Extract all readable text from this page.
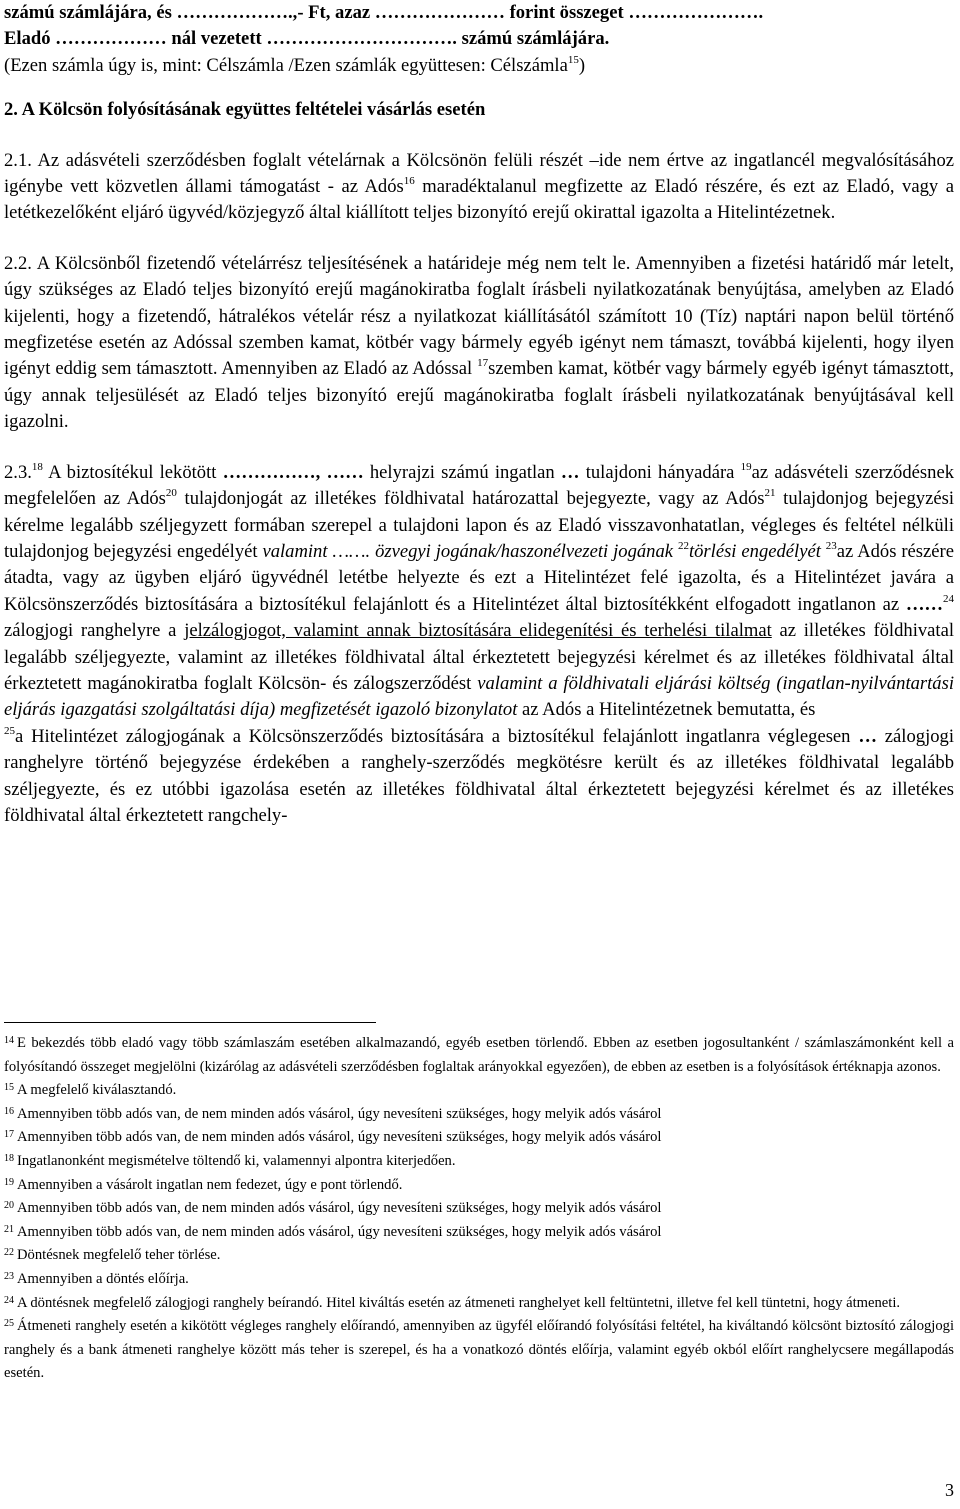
számú számlájára, és ……………….,- Ft, azaz ………………… forint összeget ………………….

Eladó ……………… nál vezetett …………………………. számú számlájára.

(Ezen számla úgy is, mint: Célszámla /Ezen számlák együttesen: Célszámla$^{15}$)

2. A Kölcsön folyósításának együttes feltételei vásárlás esetén

2.1. Az adásvételi szerződésben foglalt vételárnak a Kölcsönön felüli részét –ide nem értve az ingatlancél megvalósításához igénybe vett közvetlen állami támogatást - az Adós$^{16}$ maradéktalanul megfizette az Eladó részére, és ezt az Eladó, vagy a letétkezelőként eljáró ügyvéd/közjegyző által kiállított teljes bizonyító erejű okirattal igazolta a Hitelintézetnek.

2.2. A Kölcsönből fizetendő vételárrész teljesítésének a határideje még nem telt le. Amennyiben a fizetési határidő már letelt, úgy szükséges az Eladó teljes bizonyító erejű magánokiratba foglalt írásbeli nyilatkozatának benyújtása, amelyben az Eladó kijelenti, hogy a fizetendő, hátralékos vételár rész a nyilatkozat kiállításától számított 10 (Tíz) naptári napon belül történő megfizetése esetén az Adóssal szemben kamat, kötbér vagy bármely egyéb igényt nem támaszt, továbbá kijelenti, hogy ilyen igényt eddig sem támasztott. Amennyiben az Eladó az Adóssal $^{17}$szemben kamat, kötbér vagy bármely egyéb igényt támasztott, úgy annak teljesülését az Eladó teljes bizonyító erejű magánokiratba foglalt írásbeli nyilatkozatának benyújtásával kell igazolni.

2.3.18 A biztosítékul lekötött ……………, …… helyrajzi számú ingatlan … tulajdoni hányadára $^{19}$az adásvételi szerződésnek megfelelően az Adós$^{20}$ tulajdonjogát az illetékes földhivatal határozattal bejegyezte, vagy az Adós$^{21}$ tulajdonjog bejegyzési kérelme legalább széljegyzett formában szerepel a tulajdoni lapon és az Eladó visszavonhatatlan, végleges és feltétel nélküli tulajdonjog bejegyzési engedélyét valamint ……. özvegyi jogának/haszonélvezeti jogának $^{22}$törlési engedélyét $^{23}$az Adós részére átadta, vagy az ügyben eljáró ügyvédnél letétbe helyezte és ezt a Hitelintézet felé igazolta, és a Hitelintézet javára a Kölcsönszerződés biztosítására a biztosítékul felajánlott és a Hitelintézet által biztosítékként elfogadott ingatlanon az ……$^{24}$ zálogjogi ranghelyre a jelzálogjogot, valamint annak biztosítására elidegenítési és terhelési tilalmat az illetékes földhivatal legalább széljegyezte, valamint az illetékes földhivatal által érkeztetett bejegyzési kérelmet és az illetékes földhivatal által érkeztetett magánokiratba foglalt Kölcsön- és zálogszerződést valamint a földhivatali eljárási költség (ingatlan-nyilvántartási eljárás igazgatási szolgáltatási díja) megfizetését igazoló bizonylatot az Adós a Hitelintézetnek bemutatta, és
$^{25}$a Hitelintézet zálogjogának a Kölcsönszerződés biztosítására a biztosítékul felajánlott ingatlanra véglegesen … zálogjogi ranghelyre történő bejegyzése érdekében a ranghely-szerződés megkötésre került és az illetékes földhivatal legalább széljegyezte, és ez utóbbi igazolása esetén az illetékes földhivatal által érkeztetett bejegyzési kérelmet és az illetékes földhivatal által érkeztetett rangchely-

$^{14}$ E bekezdés több eladó vagy több számlaszám esetében alkalmazandó, egyéb esetben törlendő. Ebben az esetben jogosultanként / számlaszámonként kell a folyósítandó összeget megjelölni (kizárólag az adásvételi szerződésben foglaltak arányokkal egyezően), de ebben az esetben is a folyósítások értéknapja azonos.

$^{15}$ A megfelelő kiválasztandó.

$^{16}$ Amennyiben több adós van, de nem minden adós vásárol, úgy nevesíteni szükséges, hogy melyik adós vásárol

$^{17}$ Amennyiben több adós van, de nem minden adós vásárol, úgy nevesíteni szükséges, hogy melyik adós vásárol

$^{18}$ Ingatlanonként megismételve töltendő ki, valamennyi alpontra kiterjedően.

$^{19}$ Amennyiben a vásárolt ingatlan nem fedezet, úgy e pont törlendő.

$^{20}$ Amennyiben több adós van, de nem minden adós vásárol, úgy nevesíteni szükséges, hogy melyik adós vásárol

$^{21}$ Amennyiben több adós van, de nem minden adós vásárol, úgy nevesíteni szükséges, hogy melyik adós vásárol

$^{22}$ Döntésnek megfelelő teher törlése.

$^{23}$ Amennyiben a döntés előírja.

$^{24}$ A döntésnek megfelelő zálogjogi ranghely beírandó. Hitel kiváltás esetén az átmeneti ranghelyet kell feltüntetni, illetve fel kell tüntetni, hogy átmeneti.

$^{25}$ Átmeneti ranghely esetén a kikötött végleges ranghely előírandó, amennyiben az ügyfél előírandó folyósítási feltétel, ha kiváltandó kölcsönt biztosító zálogjogi ranghely és a bank átmeneti ranghelye között más teher is szerepel, és ha a vonatkozó döntés előírja, valamint egyéb okból előírt ranghelycsere megállapodás esetén.

3
